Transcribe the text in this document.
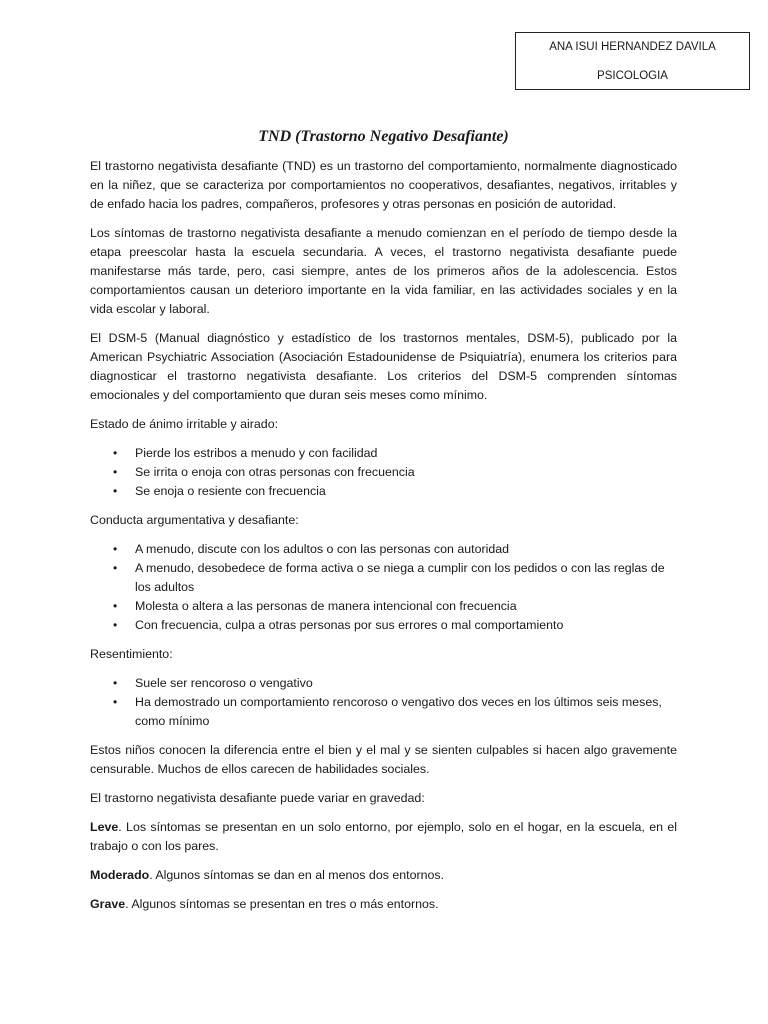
ANA ISUI HERNANDEZ DAVILA
PSICOLOGIA
TND (Trastorno Negativo Desafiante)

El trastorno negativista desafiante (TND) es un trastorno del comportamiento, normalmente diagnosticado en la niñez, que se caracteriza por comportamientos no cooperativos, desafiantes, negativos, irritables y de enfado hacia los padres, compañeros, profesores y otras personas en posición de autoridad.

Los síntomas de trastorno negativista desafiante a menudo comienzan en el período de tiempo desde la etapa preescolar hasta la escuela secundaria. A veces, el trastorno negativista desafiante puede manifestarse más tarde, pero, casi siempre, antes de los primeros años de la adolescencia. Estos comportamientos causan un deterioro importante en la vida familiar, en las actividades sociales y en la vida escolar y laboral.

El DSM-5 (Manual diagnóstico y estadístico de los trastornos mentales, DSM-5), publicado por la American Psychiatric Association (Asociación Estadounidense de Psiquiatría), enumera los criterios para diagnosticar el trastorno negativista desafiante. Los criterios del DSM-5 comprenden síntomas emocionales y del comportamiento que duran seis meses como mínimo.

Estado de ánimo irritable y airado:

• Pierde los estribos a menudo y con facilidad
• Se irrita o enoja con otras personas con frecuencia
• Se enoja o resiente con frecuencia

Conducta argumentativa y desafiante:

• A menudo, discute con los adultos o con las personas con autoridad
• A menudo, desobedece de forma activa o se niega a cumplir con los pedidos o con las reglas de los adultos
• Molesta o altera a las personas de manera intencional con frecuencia
• Con frecuencia, culpa a otras personas por sus errores o mal comportamiento

Resentimiento:

• Suele ser rencoroso o vengativo
• Ha demostrado un comportamiento rencoroso o vengativo dos veces en los últimos seis meses, como mínimo

Estos niños conocen la diferencia entre el bien y el mal y se sienten culpables si hacen algo gravemente censurable. Muchos de ellos carecen de habilidades sociales.

El trastorno negativista desafiante puede variar en gravedad:

Leve. Los síntomas se presentan en un solo entorno, por ejemplo, solo en el hogar, en la escuela, en el trabajo o con los pares.

Moderado. Algunos síntomas se dan en al menos dos entornos.

Grave. Algunos síntomas se presentan en tres o más entornos.
